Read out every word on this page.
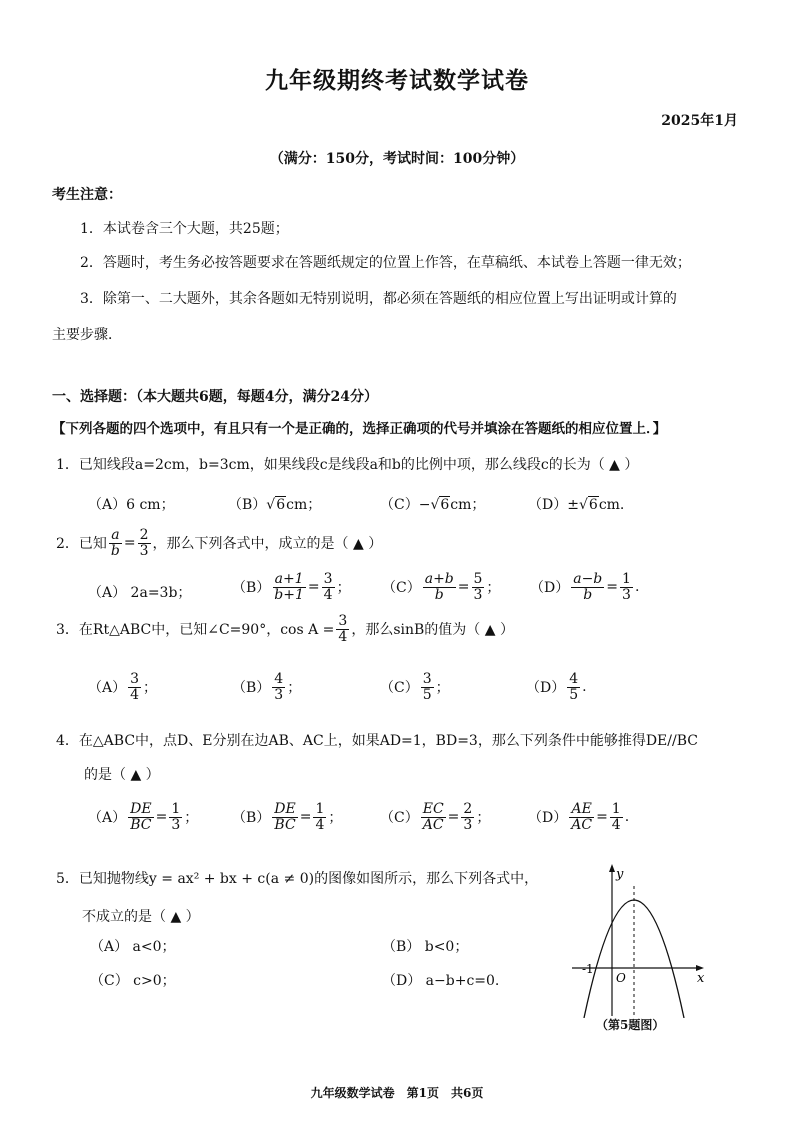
九年级期终考试数学试卷
2025年1月
（满分：150分，考试时间：100分钟）
考生注意：
1．本试卷含三个大题，共25题；
2．答题时，考生务必按答题要求在答题纸规定的位置上作答，在草稿纸、本试卷上答题一律无效；
3．除第一、二大题外，其余各题如无特别说明，都必须在答题纸的相应位置上写出证明或计算的
主要步骤．
一、选择题：（本大题共6题，每题4分，满分24分）
【下列各题的四个选项中，有且只有一个是正确的，选择正确项的代号并填涂在答题纸的相应位置上．】
1．已知线段a=2cm，b=3cm，如果线段c是线段a和b的比例中项，那么线段c的长为（ ▲ ）
（A）6 cm；	（B）√6cm；	（C）−√6cm；	（D）±√6cm.
2．已知 $\frac{a}{b} = \frac{2}{3}$ ，那么下列各式中，成立的是（ ▲ ）
（A） 2a=3b；	$(B) \frac{a+1}{b+1} = \frac{3}{4}$ ； $(C) \frac{a+b}{b} = \frac{5}{3}$ ； $(D) \frac{a-b}{b} = \frac{1}{3}$ .
3．在Rt△ABC中，已知∠C=90°，$\cos A = \frac{3}{4}$ ，那么sinB的值为（ ▲ ）
$(A) \frac{3}{4}$ ；	$(B) \frac{4}{3}$ ；	$(C) \frac{3}{5}$ ；	$(D) \frac{4}{5}$ .
4．在△ABC中，点D、E分别在边AB、AC上，如果AD=1，BD=3，那么下列条件中能够推得DE//BC
的是（ ▲ ）
$(A) \frac{DE}{BC} = \frac{1}{3}$ ； $(B) \frac{DE}{BC} = \frac{1}{4}$ ；	$(C) \frac{EC}{AC} = \frac{2}{3}$ ；	$(D) \frac{AE}{AC} = \frac{1}{4}$ .
5．已知抛物线y = ax² + bx + c(a ≠ 0)的图像如图所示，那么下列各式中，
不成立的是（ ▲ ）
（A） a<0；	（B） b<0；
（C） c>0；	（D） a−b+c=0.
y
x
O
-1
（第5题图）
九年级数学试卷　第1页　共6页
